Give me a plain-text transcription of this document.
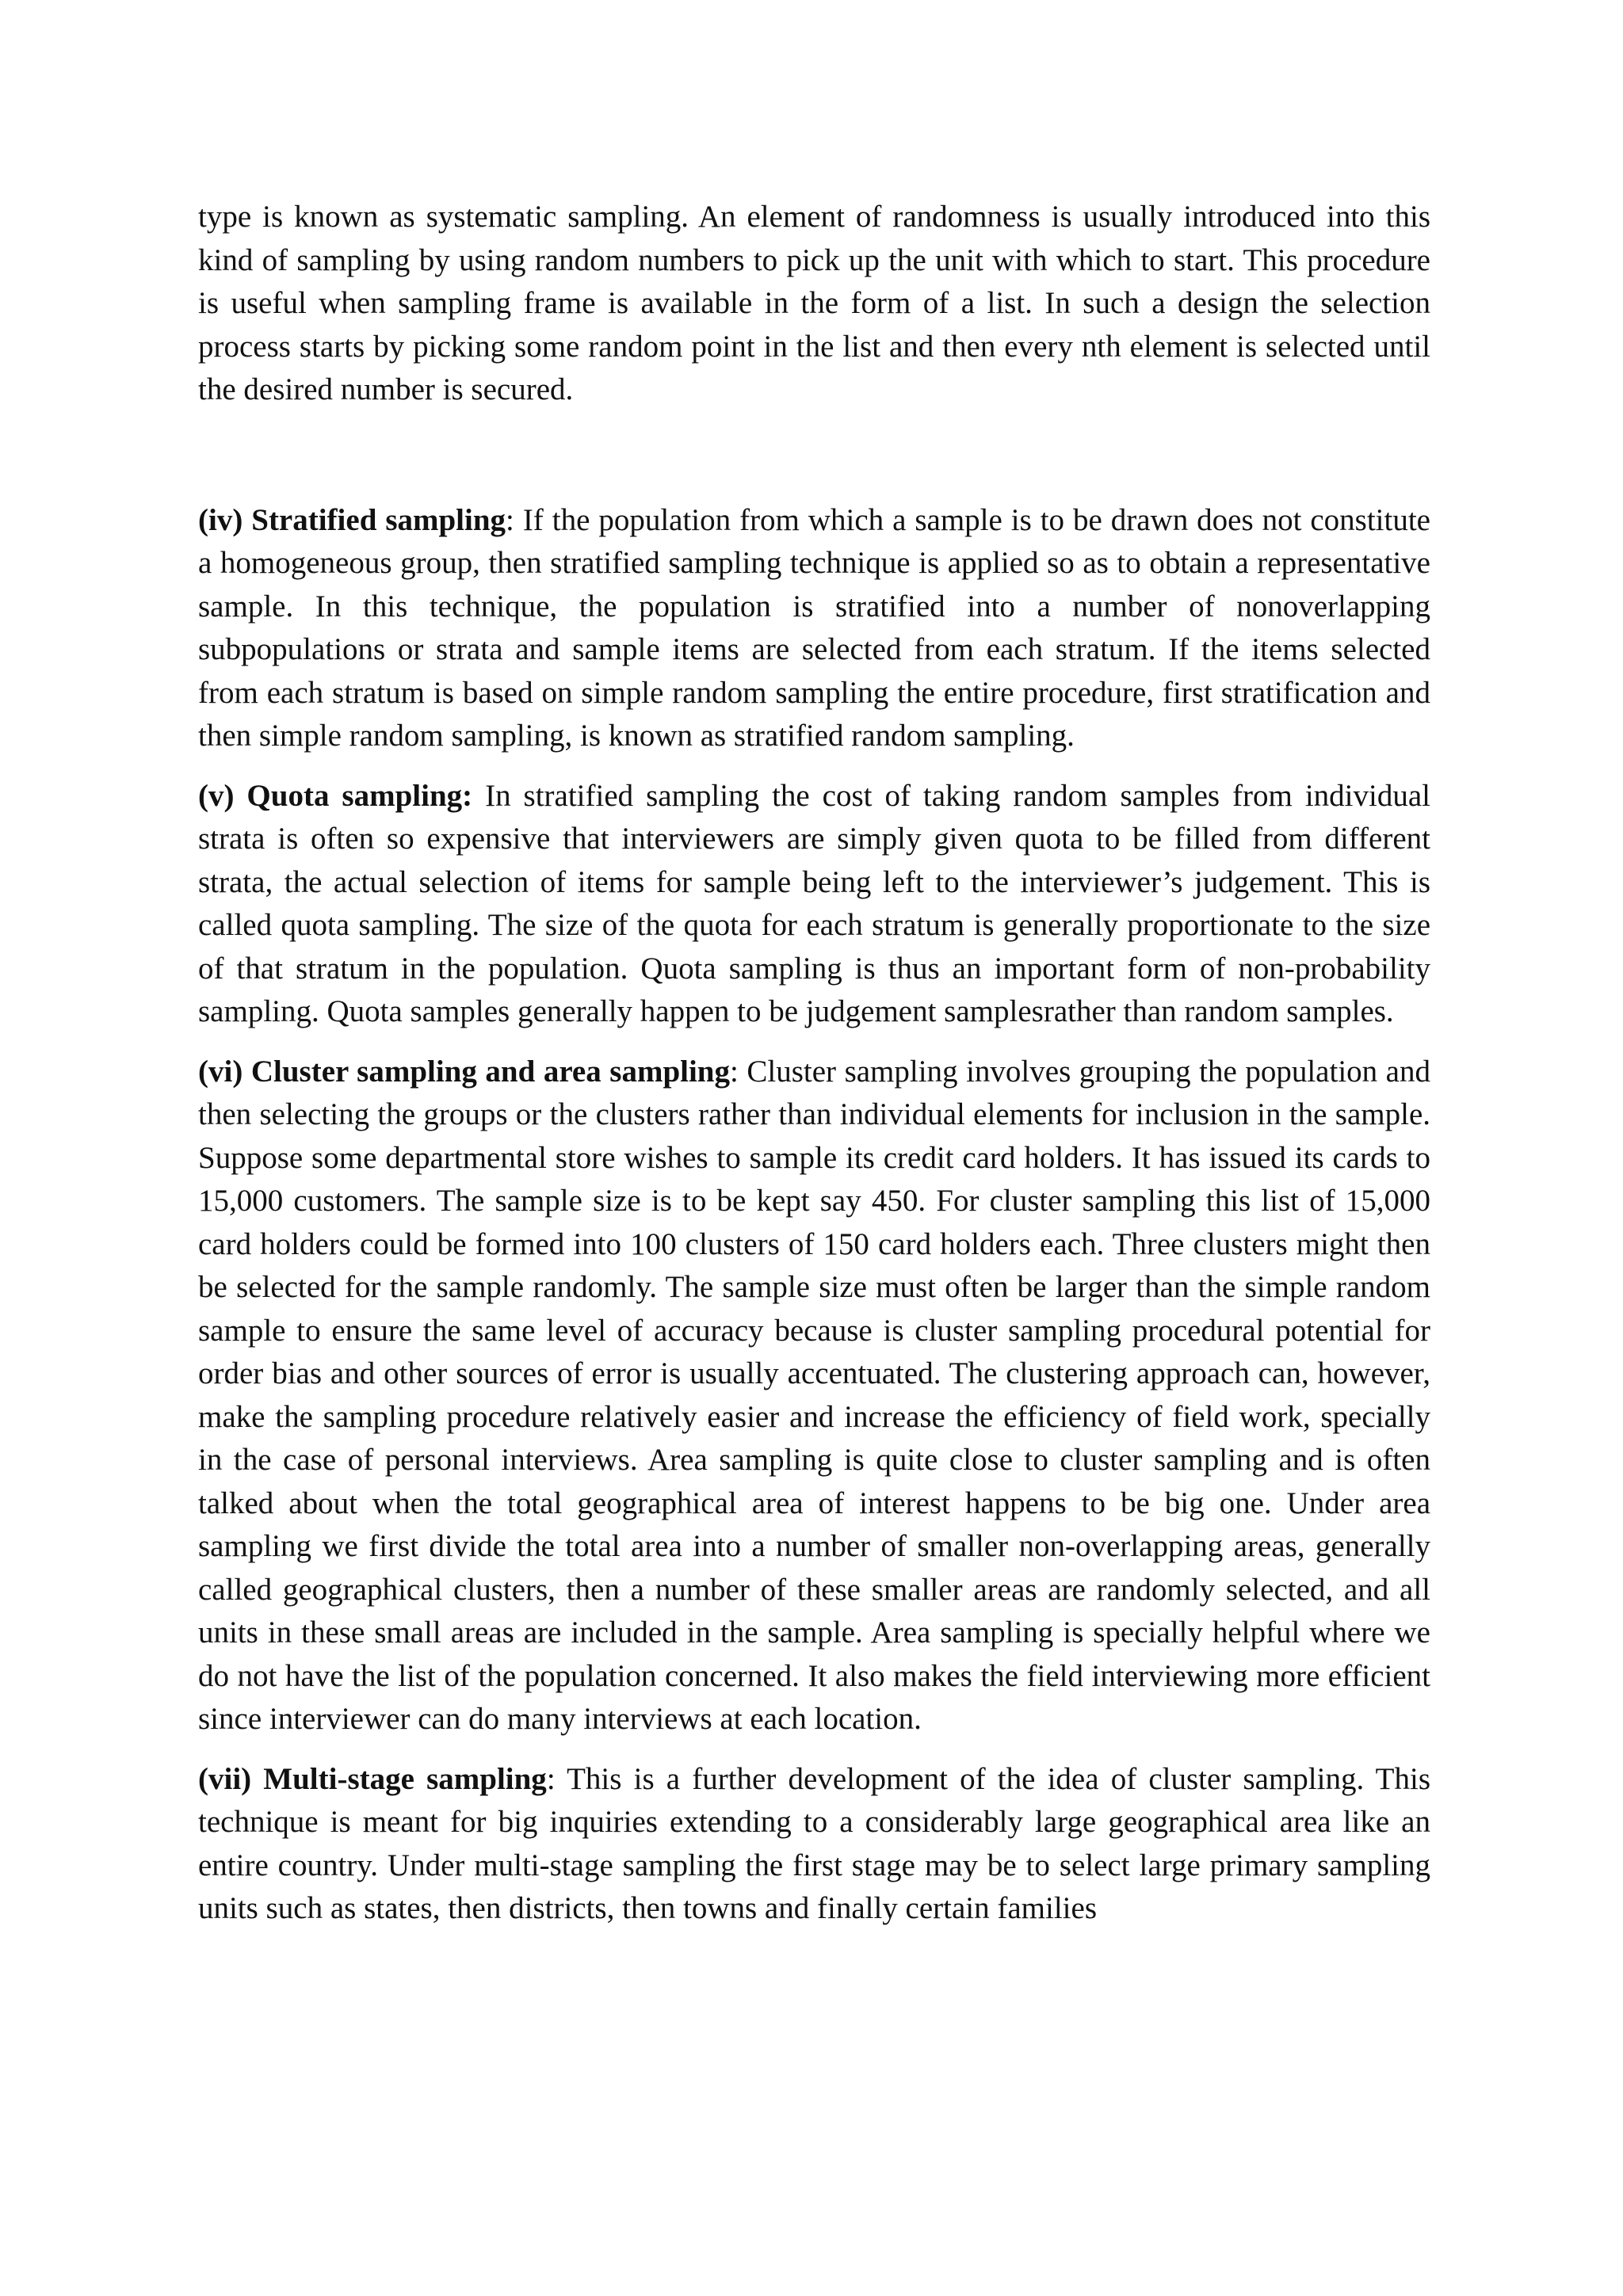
type is known as systematic sampling. An element of randomness is usually introduced into this kind of sampling by using random numbers to pick up the unit with which to start. This procedure is useful when sampling frame is available in the form of a list. In such a design the selection process starts by picking some random point in the list and then every nth element is selected until the desired number is secured.

(iv) Stratified sampling: If the population from which a sample is to be drawn does not constitute a homogeneous group, then stratified sampling technique is applied so as to obtain a representative sample. In this technique, the population is stratified into a number of nonoverlapping subpopulations or strata and sample items are selected from each stratum. If the items selected from each stratum is based on simple random sampling the entire procedure, first stratification and then simple random sampling, is known as stratified random sampling.

(v) Quota sampling: In stratified sampling the cost of taking random samples from individual strata is often so expensive that interviewers are simply given quota to be filled from different strata, the actual selection of items for sample being left to the interviewer’s judgement. This is called quota sampling. The size of the quota for each stratum is generally proportionate to the size of that stratum in the population. Quota sampling is thus an important form of non-probability sampling. Quota samples generally happen to be judgement samplesrather than random samples.

(vi) Cluster sampling and area sampling: Cluster sampling involves grouping the population and then selecting the groups or the clusters rather than individual elements for inclusion in the sample. Suppose some departmental store wishes to sample its credit card holders. It has issued its cards to 15,000 customers. The sample size is to be kept say 450. For cluster sampling this list of 15,000 card holders could be formed into 100 clusters of 150 card holders each. Three clusters might then be selected for the sample randomly. The sample size must often be larger than the simple random sample to ensure the same level of accuracy because is cluster sampling procedural potential for order bias and other sources of error is usually accentuated. The clustering approach can, however, make the sampling procedure relatively easier and increase the efficiency of field work, specially in the case of personal interviews. Area sampling is quite close to cluster sampling and is often talked about when the total geographical area of interest happens to be big one. Under area sampling we first divide the total area into a number of smaller non-overlapping areas, generally called geographical clusters, then a number of these smaller areas are randomly selected, and all units in these small areas are included in the sample. Area sampling is specially helpful where we do not have the list of the population concerned. It also makes the field interviewing more efficient since interviewer can do many interviews at each location.

(vii) Multi-stage sampling: This is a further development of the idea of cluster sampling. This technique is meant for big inquiries extending to a considerably large geographical area like an entire country. Under multi-stage sampling the first stage may be to select large primary sampling units such as states, then districts, then towns and finally certain families
